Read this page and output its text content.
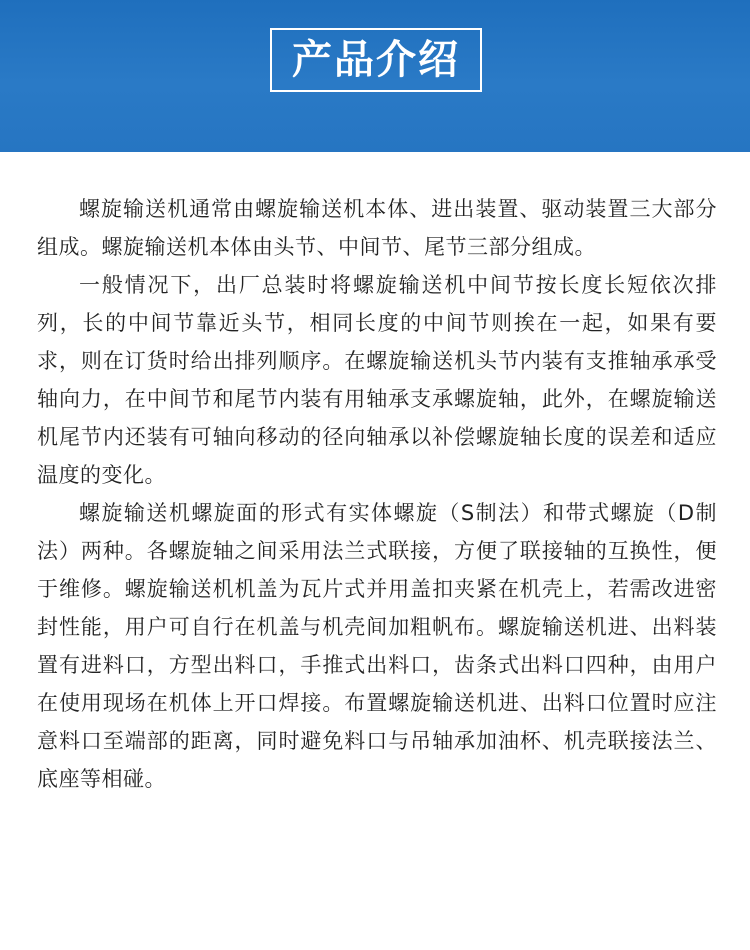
产品介绍

螺旋输送机通常由螺旋输送机本体、进出装置、驱动装置三大部分组成。螺旋输送机本体由头节、中间节、尾节三部分组成。

一般情况下，出厂总装时将螺旋输送机中间节按长度长短依次排列，长的中间节靠近头节，相同长度的中间节则挨在一起，如果有要求，则在订货时给出排列顺序。在螺旋输送机头节内装有支推轴承承受轴向力，在中间节和尾节内装有用轴承支承螺旋轴，此外，在螺旋输送机尾节内还装有可轴向移动的径向轴承以补偿螺旋轴长度的误差和适应温度的变化。

螺旋输送机螺旋面的形式有实体螺旋（S制法）和带式螺旋（D制法）两种。各螺旋轴之间采用法兰式联接，方便了联接轴的互换性，便于维修。螺旋输送机机盖为瓦片式并用盖扣夹紧在机壳上，若需改进密封性能，用户可自行在机盖与机壳间加粗帆布。螺旋输送机进、出料装置有进料口，方型出料口，手推式出料口，齿条式出料口四种，由用户在使用现场在机体上开口焊接。布置螺旋输送机进、出料口位置时应注意料口至端部的距离，同时避免料口与吊轴承加油杯、机壳联接法兰、底座等相碰。
